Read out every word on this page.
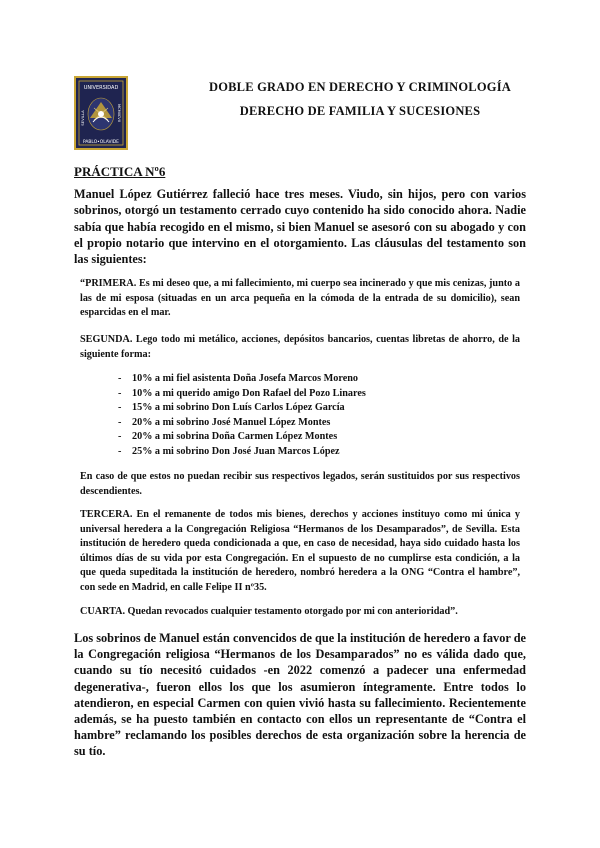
UNIVERSIDAD
PABLO•OLAVIDE
SEVILLA	MCMXCVII
DOBLE GRADO EN DERECHO Y CRIMINOLOGÍA
DERECHO DE FAMILIA Y SUCESIONES
PRÁCTICA Nº6

Manuel López Gutiérrez falleció hace tres meses. Viudo, sin hijos, pero con varios sobrinos, otorgó un testamento cerrado cuyo contenido ha sido conocido ahora. Nadie sabía que había recogido en el mismo, si bien Manuel se asesoró con su abogado y con el propio notario que intervino en el otorgamiento. Las cláusulas del testamento son las siguientes:

“PRIMERA. Es mi deseo que, a mi fallecimiento, mi cuerpo sea incinerado y que mis cenizas, junto a las de mi esposa (situadas en un arca pequeña en la cómoda de la entrada de su domicilio), sean esparcidas en el mar.

SEGUNDA. Lego todo mi metálico, acciones, depósitos bancarios, cuentas libretas de ahorro, de la siguiente forma:

- 10% a mi fiel asistenta Doña Josefa Marcos Moreno
- 10% a mi querido amigo Don Rafael del Pozo Linares
- 15% a mi sobrino Don Luís Carlos López García
- 20% a mi sobrino José Manuel López Montes
- 20% a mi sobrina Doña Carmen López Montes
- 25% a mi sobrino Don José Juan Marcos López

En caso de que estos no puedan recibir sus respectivos legados, serán sustituidos por sus respectivos descendientes.

TERCERA. En el remanente de todos mis bienes, derechos y acciones instituyo como mi única y universal heredera a la Congregación Religiosa “Hermanos de los Desamparados”, de Sevilla. Esta institución de heredero queda condicionada a que, en caso de necesidad, haya sido cuidado hasta los últimos días de su vida por esta Congregación. En el supuesto de no cumplirse esta condición, a la que queda supeditada la institución de heredero, nombró heredera a la ONG “Contra el hambre”, con sede en Madrid, en calle Felipe II nº35.

CUARTA. Quedan revocados cualquier testamento otorgado por mi con anterioridad”.

Los sobrinos de Manuel están convencidos de que la institución de heredero a favor de la Congregación religiosa “Hermanos de los Desamparados” no es válida dado que, cuando su tío necesitó cuidados -en 2022 comenzó a padecer una enfermedad degenerativa-, fueron ellos los que los asumieron íntegramente. Entre todos lo atendieron, en especial Carmen con quien vivió hasta su fallecimiento. Recientemente además, se ha puesto también en contacto con ellos un representante de “Contra el hambre” reclamando los posibles derechos de esta organización sobre la herencia de su tío.
